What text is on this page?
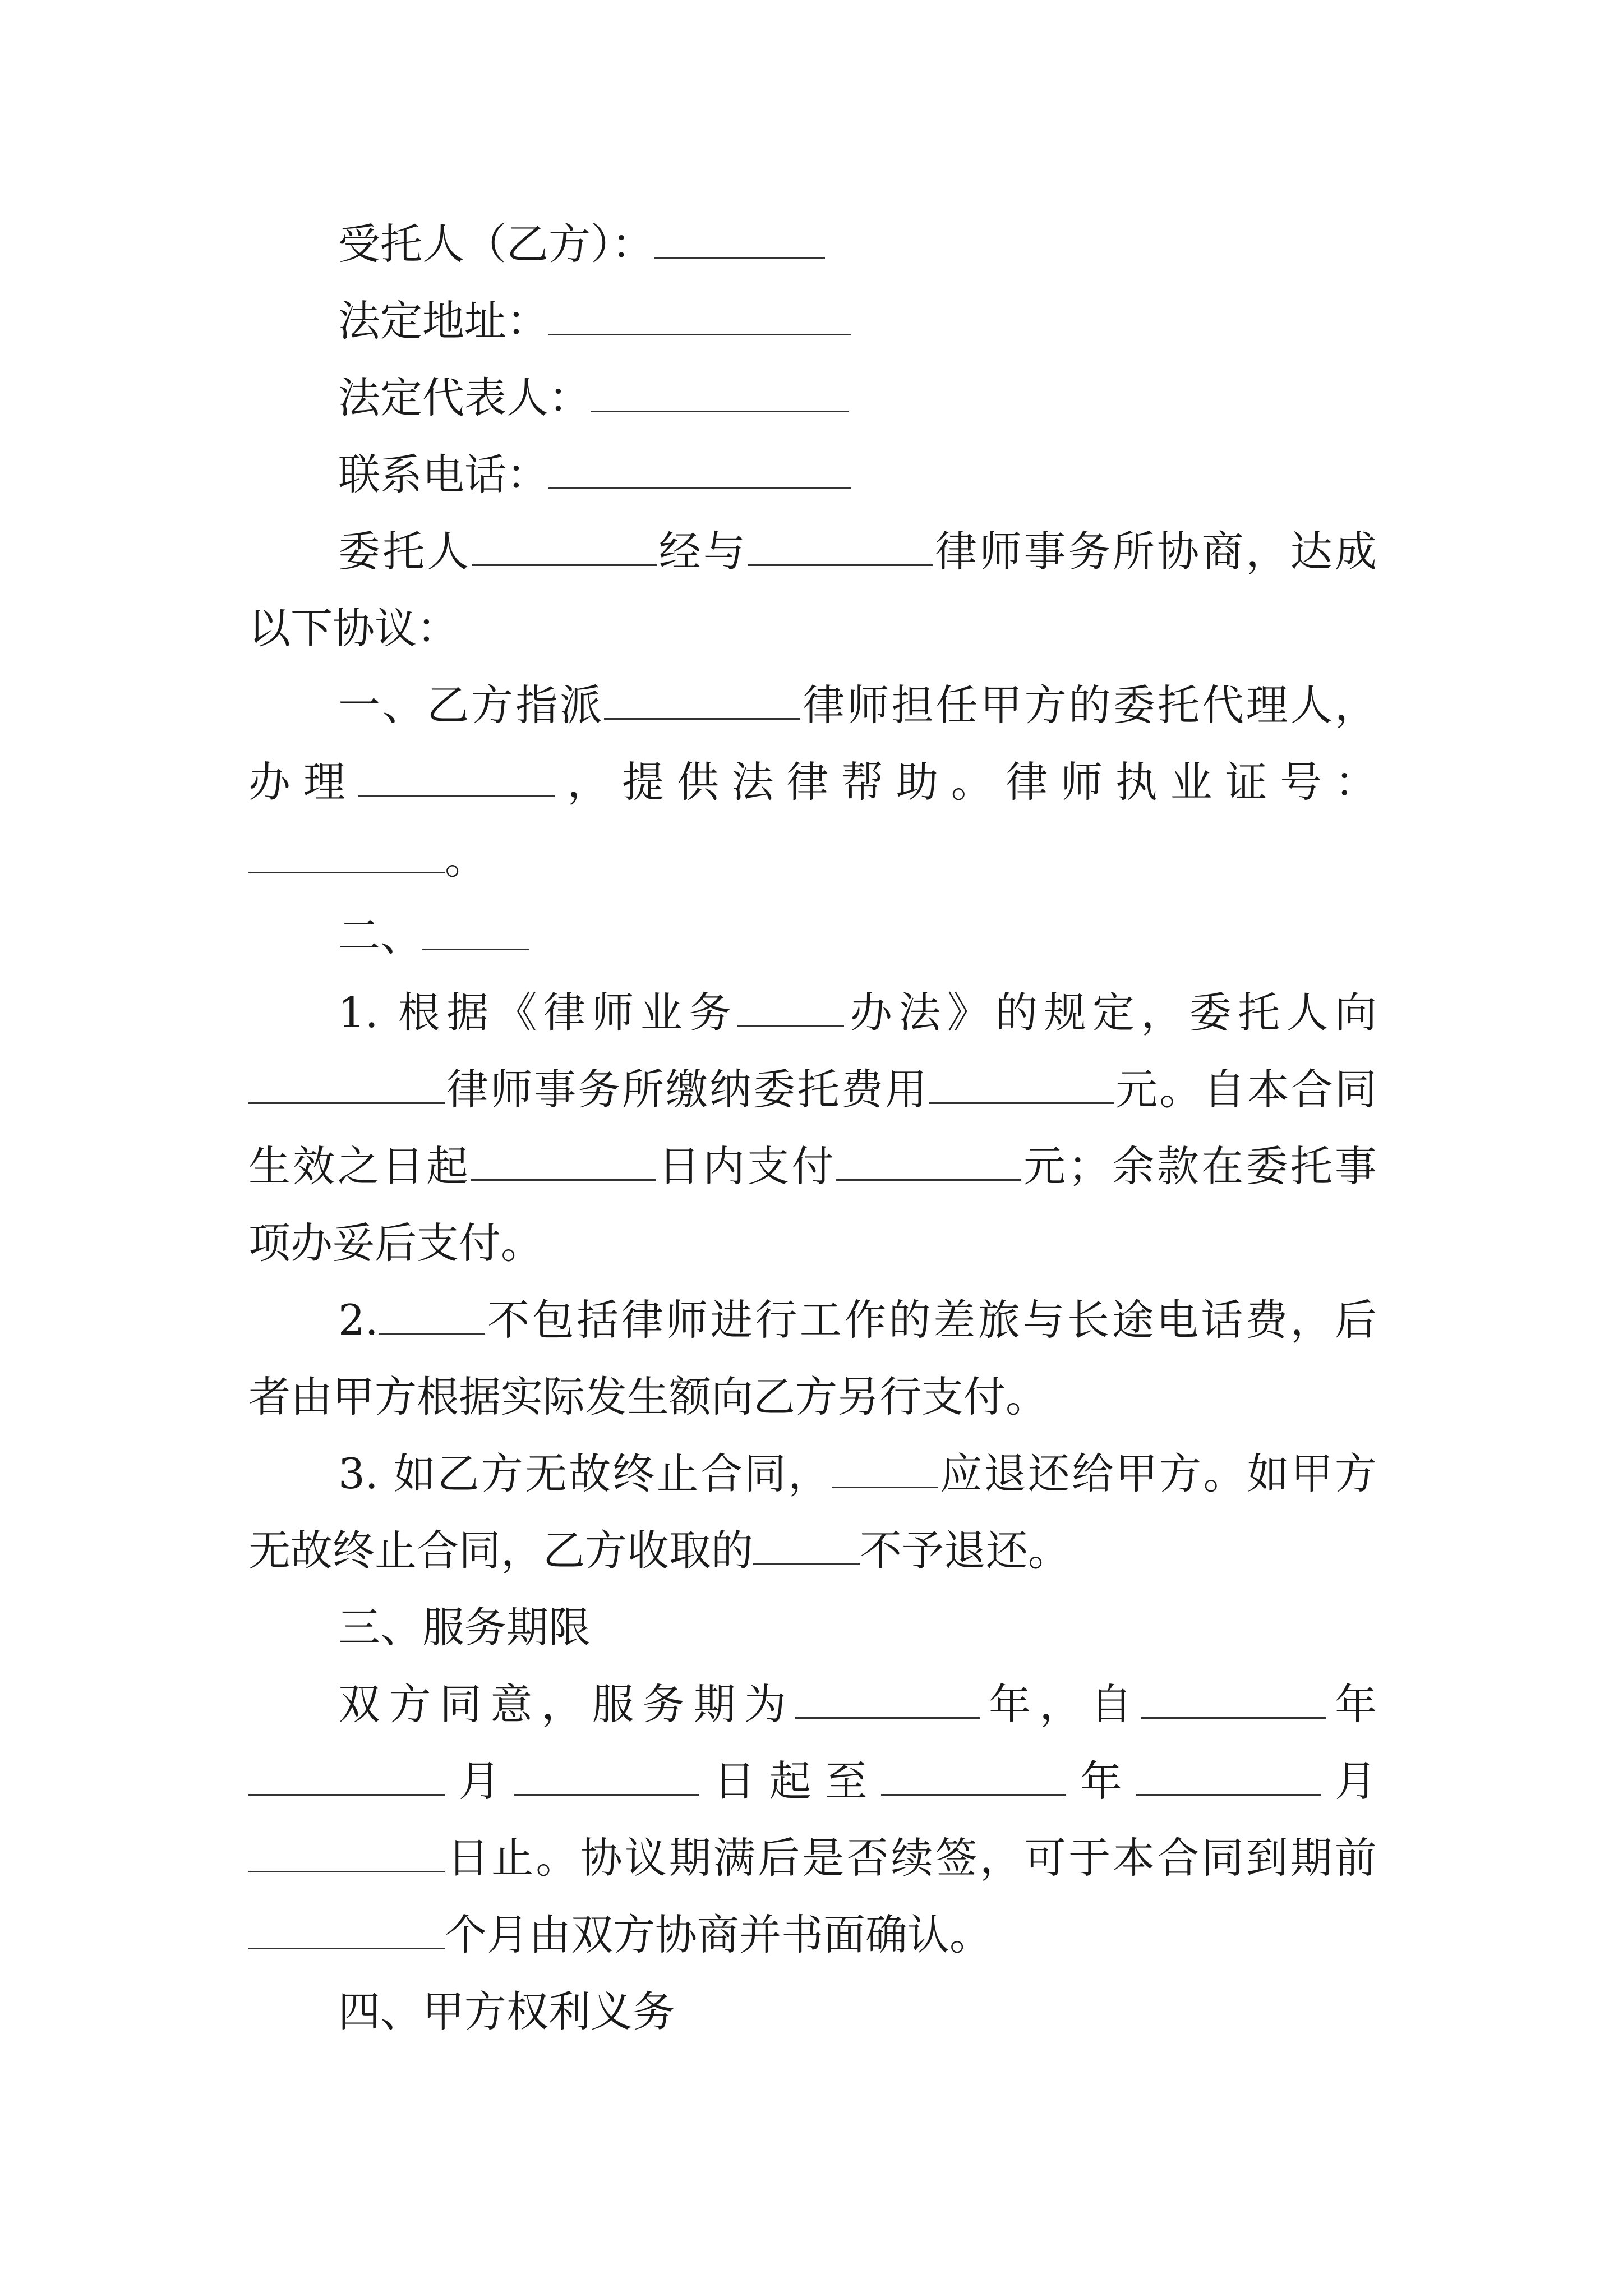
受托人（乙方）：

法定地址：

法定代表人：

联系电话：

委托人	经与	律师事务所协商，达成

以下协议：

一、乙方指派	律师担任甲方的委托代理人，

办理	，提供法律帮助。律师执业证号：

。

二、

1. 根据《律师业务	办法》的规定，委托人向

律师事务所缴纳委托费用	元。自本合同

生效之日起	日内支付	元；余款在委托事

项办妥后支付。

2.	不包括律师进行工作的差旅与长途电话费，后

者由甲方根据实际发生额向乙方另行支付。

3. 如乙方无故终止合同，	应退还给甲方。如甲方

无故终止合同，乙方收取的	不予退还。

三、服务期限

双方同意，服务期为	年，自	年

月	日起至	年	月

日止。协议期满后是否续签，可于本合同到期前

个月由双方协商并书面确认。

四、甲方权利义务
